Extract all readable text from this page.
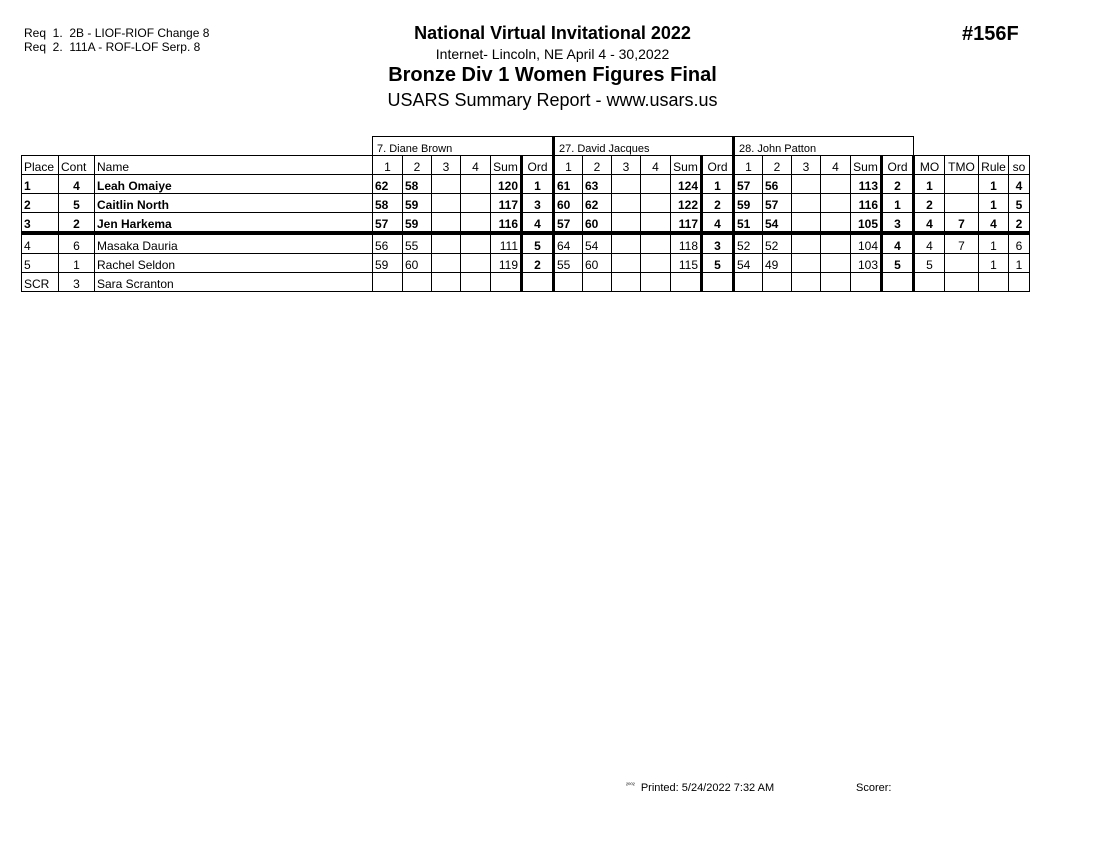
Req  1.  2B - LIOF-RIOF Change 8
Req  2.  111A - ROF-LOF Serp. 8
National Virtual Invitational 2022
Internet- Lincoln, NE April 4 - 30,2022
Bronze Div 1 Women Figures Final
USARS Summary Report - www.usars.us
#156F
			7. Diane Brown						27. David Jacques						28. John Patton									
Place	Cont	Name	1	2	3	4	Sum	Ord	1	2	3	4	Sum	Ord	1	2	3	4	Sum	Ord	MO	TMO	Rule	so
1	4	Leah Omaiye	62	58			120	1	61	63			124	1	57	56			113	2	1		1	4
2	5	Caitlin North	58	59			117	3	60	62			122	2	59	57			116	1	2		1	5
3	2	Jen Harkema	57	59			116	4	57	60			117	4	51	54			105	3	4	7	4	2
4	6	Masaka Dauria	56	55			111	5	64	54			118	3	52	52			104	4	4	7	1	6
5	1	Rachel Seldon	59	60			119	2	55	60			115	5	54	49			103	5	5		1	1
SCR	3	Sara Scranton																						
$^{^{2002}}$ Printed: 5/24/2022 7:32 AM	Scorer:
